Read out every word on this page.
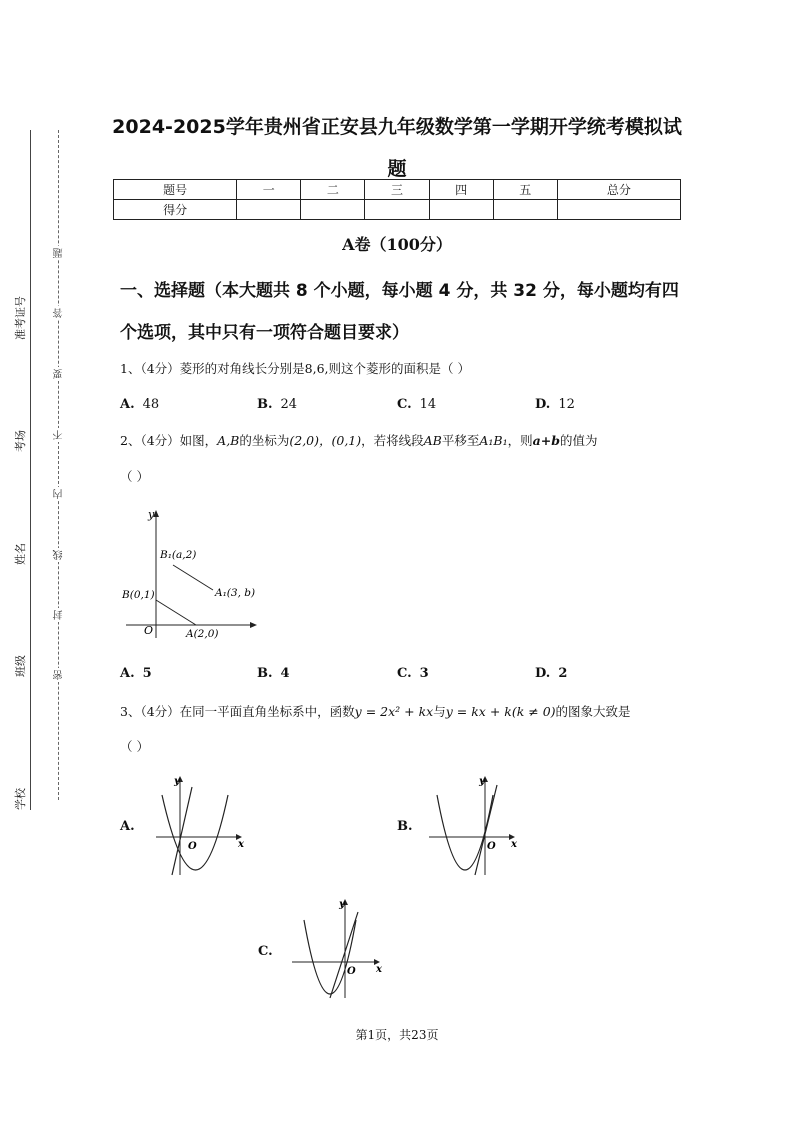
准考证号
考场
姓名
班级
学校
题
答
要
不
内
线
封
密
2024-2025学年贵州省正安县九年级数学第一学期开学统考模拟试题
题号	一	二	三	四	五	总分
得分						
A卷（100分）
一、选择题（本大题共 8 个小题，每小题 4 分，共 32 分，每小题均有四个选项，其中只有一项符合题目要求）
1、（4分）菱形的对角线长分别是8,6,则这个菱形的面积是（ ）
A. 48	B. 24	C. 14	D. 12
2、（4分）如图，A,B的坐标为(2,0)，(0,1)，若将线段AB平移至A₁B₁，则a+b的值为
（ ）
y
O
B₁(a,2)
A₁(3, b)
B(0,1)
A(2,0)
A. 5	B. 4	C. 3	D. 2
3、（4分）在同一平面直角坐标系中，函数y = 2x² + kx与y = kx + k(k ≠ 0)的图象大致是
（ ）
A.
y
x
O
B.
y
x
O
C.
y
x
O
第1页，共23页
